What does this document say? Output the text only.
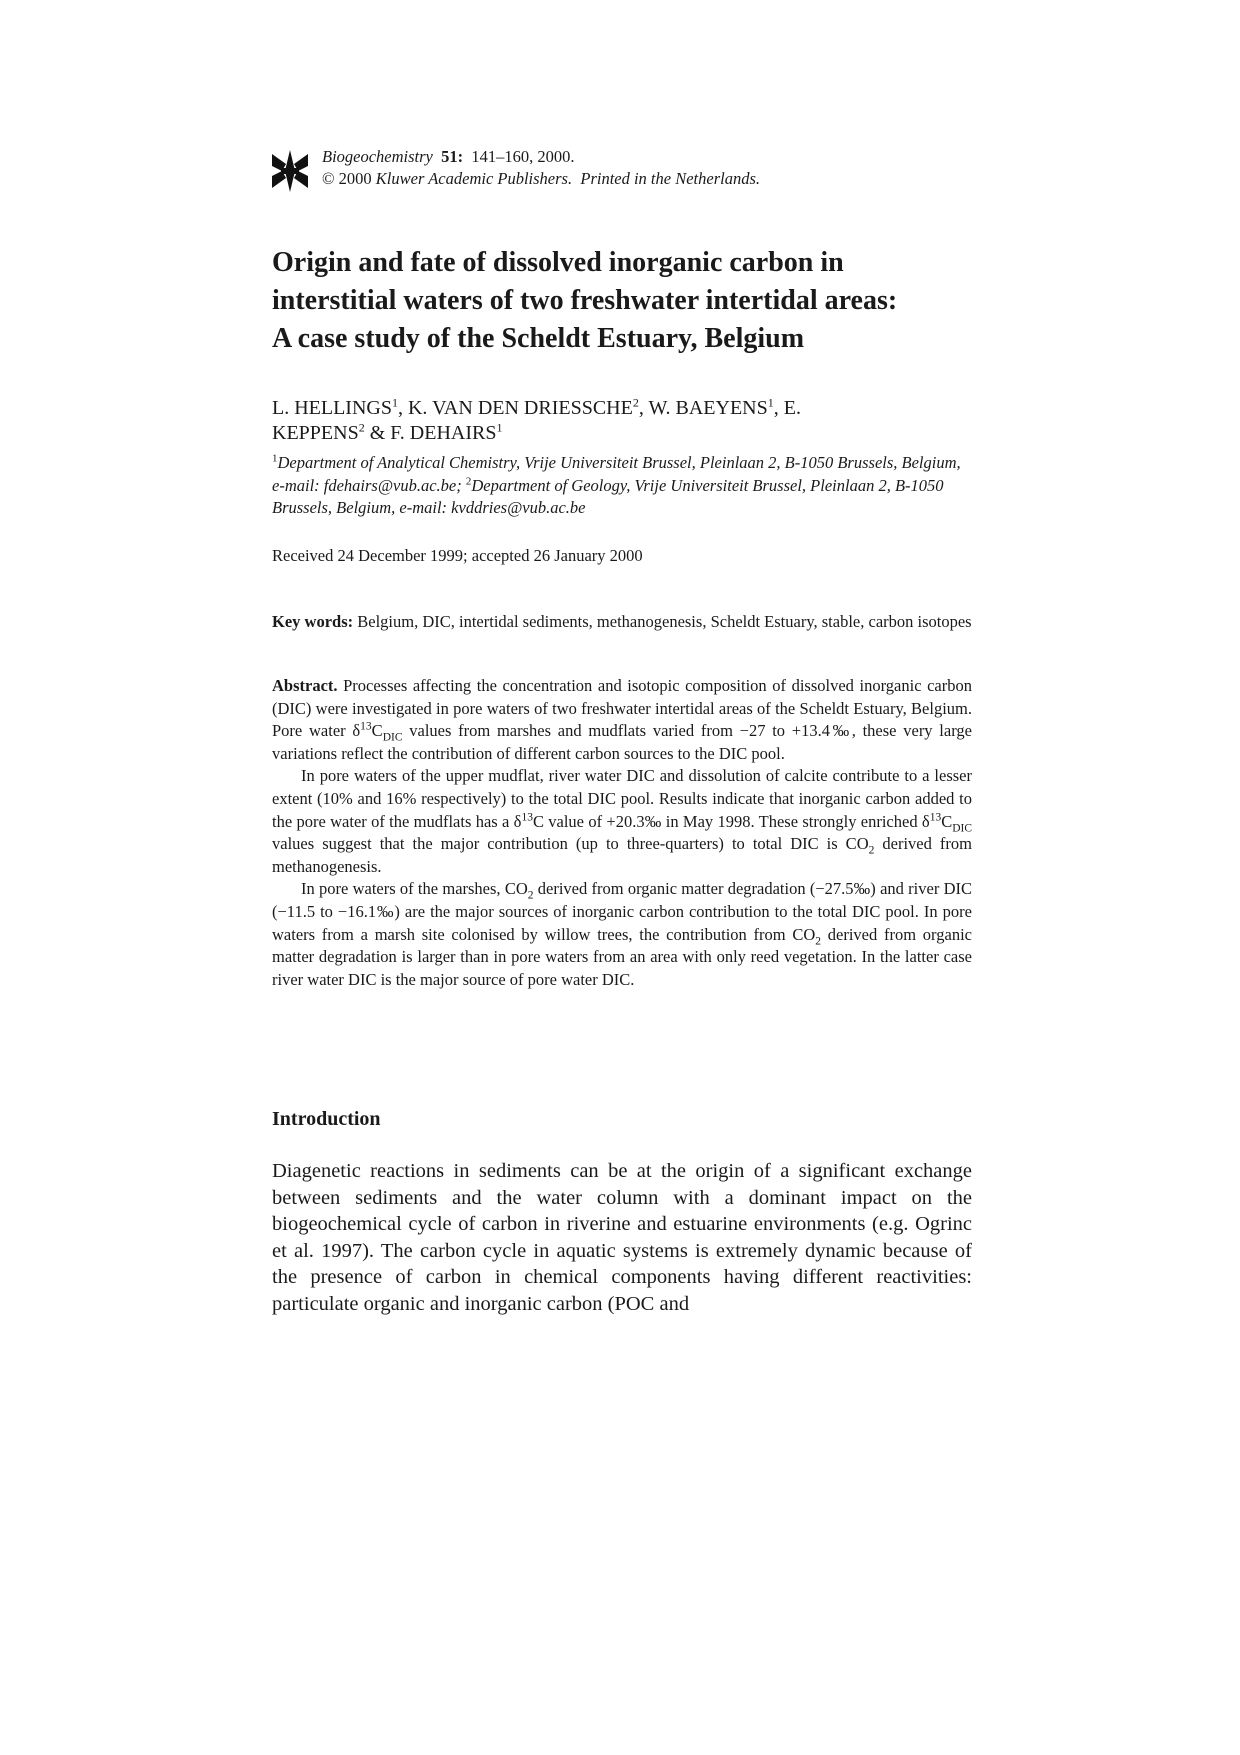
Biogeochemistry 51: 141–160, 2000.
© 2000 Kluwer Academic Publishers. Printed in the Netherlands.
Origin and fate of dissolved inorganic carbon in
interstitial waters of two freshwater intertidal areas:
A case study of the Scheldt Estuary, Belgium

L. HELLINGS$^1$, K. VAN DEN DRIESSCHE$^2$, W. BAEYENS$^1$, E.
KEPPENS$^2$ & F. DEHAIRS$^1$

$^1$Department of Analytical Chemistry, Vrije Universiteit Brussel, Pleinlaan 2, B-1050 Brussels, Belgium, e-mail: fdehairs@vub.ac.be; $^2$Department of Geology, Vrije Universiteit Brussel, Pleinlaan 2, B-1050 Brussels, Belgium, e-mail: kvddries@vub.ac.be

Received 24 December 1999; accepted 26 January 2000

Key words: Belgium, DIC, intertidal sediments, methanogenesis, Scheldt Estuary, stable, carbon isotopes

Abstract. Processes affecting the concentration and isotopic composition of dissolved inorganic carbon (DIC) were investigated in pore waters of two freshwater intertidal areas of the Scheldt Estuary, Belgium. Pore water $\delta^{13}C_{DIC}$ values from marshes and mudflats varied from −27 to +13.4‰, these very large variations reflect the contribution of different carbon sources to the DIC pool.

In pore waters of the upper mudflat, river water DIC and dissolution of calcite contribute to a lesser extent (10% and 16% respectively) to the total DIC pool. Results indicate that inorganic carbon added to the pore water of the mudflats has a $\delta^{13}C$ value of +20.3‰ in May 1998. These strongly enriched $\delta^{13}C_{DIC}$ values suggest that the major contribution (up to three-quarters) to total DIC is $CO_2$ derived from methanogenesis.

In pore waters of the marshes, $CO_2$ derived from organic matter degradation (−27.5‰) and river DIC (−11.5 to −16.1‰) are the major sources of inorganic carbon contribution to the total DIC pool. In pore waters from a marsh site colonised by willow trees, the contribution from $CO_2$ derived from organic matter degradation is larger than in pore waters from an area with only reed vegetation. In the latter case river water DIC is the major source of pore water DIC.

Introduction

Diagenetic reactions in sediments can be at the origin of a significant exchange between sediments and the water column with a dominant impact on the biogeochemical cycle of carbon in riverine and estuarine environments (e.g. Ogrinc et al. 1997). The carbon cycle in aquatic systems is extremely dynamic because of the presence of carbon in chemical components having different reactivities: particulate organic and inorganic carbon (POC and
